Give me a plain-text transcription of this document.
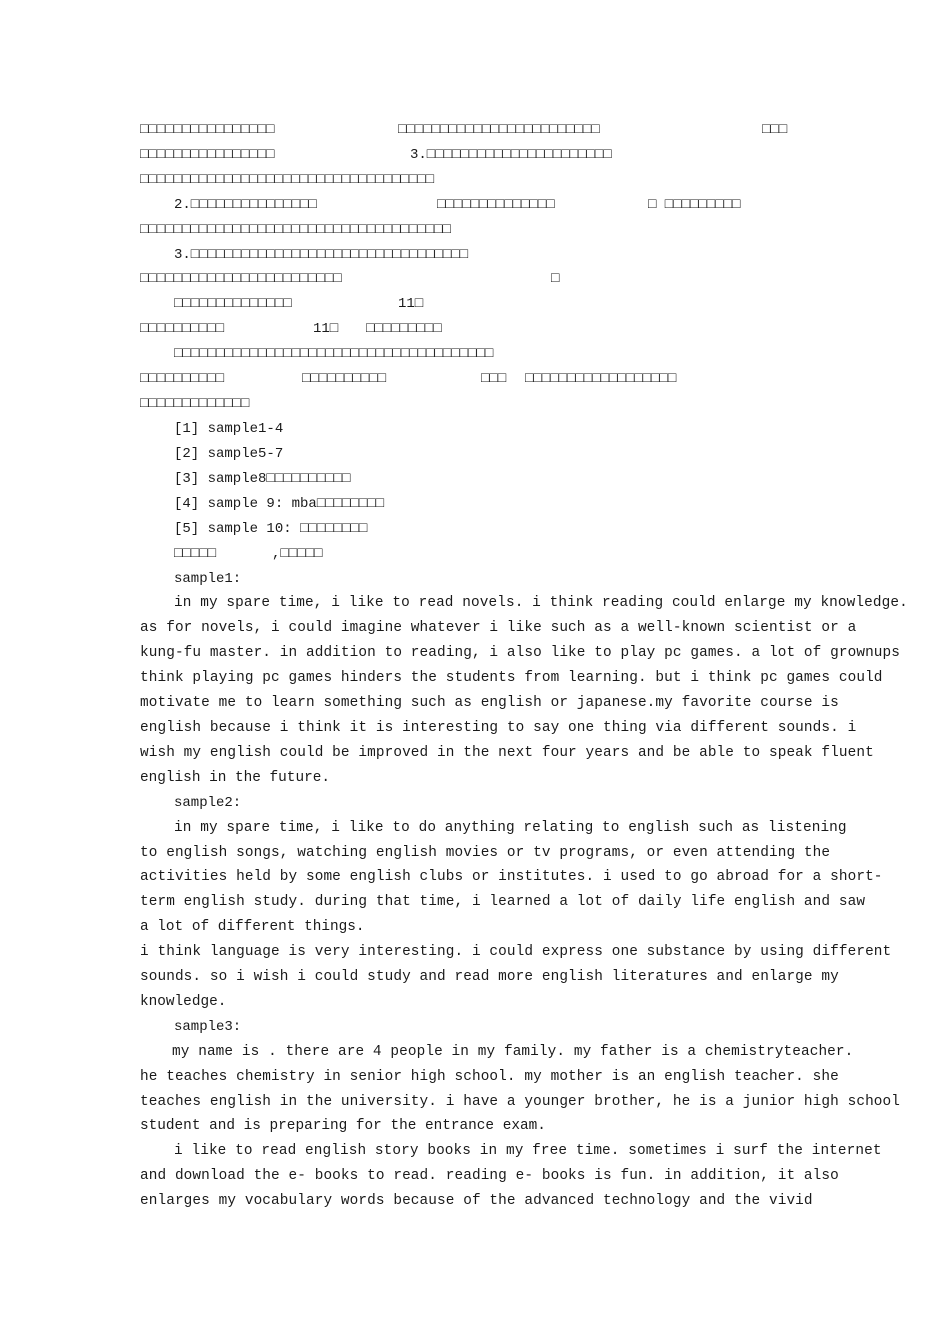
□□□□□□□□□□□□□□□□	□□□□□□□□□□□□□□□□□□□□□□□□	□□□
□□□□□□□□□□□□□□□□	3.□□□□□□□□□□□□□□□□□□□□□□
□□□□□□□□□□□□□□□□□□□□□□□□□□□□□□□□□□□
2.□□□□□□□□□□□□□□□	□□□□□□□□□□□□□□	□ □□□□□□□□□
□□□□□□□□□□□□□□□□□□□□□□□□□□□□□□□□□□□□□
3.□□□□□□□□□□□□□□□□□□□□□□□□□□□□□□□□□
□□□□□□□□□□□□□□□□□□□□□□□□	□
□□□□□□□□□□□□□□	11□
□□□□□□□□□□	11□ □□□□□□□□□
□□□□□□□□□□□□□□□□□□□□□□□□□□□□□□□□□□□□□□
□□□□□□□□□□	□□□□□□□□□□	□□□ □□□□□□□□□□□□□□□□□□
□□□□□□□□□□□□□
[1] sample1-4
[2] sample5-7
[3] sample8□□□□□□□□□□
[4] sample 9: mba□□□□□□□□
[5] sample 10: □□□□□□□□
□□□□□	,□□□□□
sample1:
in my spare time, i like to read novels. i think reading could enlarge my knowledge.
as for novels, i could imagine whatever i like such as a well-known scientist or a
kung-fu master. in addition to reading, i also like to play pc games. a lot of grownups
think playing pc games hinders the students from learning. but i think pc games could
motivate me to learn something such as english or japanese.my favorite course is
english because i think it is interesting to say one thing via different sounds. i
wish my english could be improved in the next four years and be able to speak fluent
english in the future.
sample2:
in my spare time, i like to do anything relating to english such as listening
to english songs, watching english movies or tv programs, or even attending the
activities held by some english clubs or institutes. i used to go abroad for a short-
term english study. during that time, i learned a lot of daily life english and saw
a lot of different things.
i think language is very interesting. i could express one substance by using different
sounds. so i wish i could study and read more english literatures and enlarge my
knowledge.
sample3:
my name is . there are 4 people in my family. my father is a chemistryteacher.
he teaches chemistry in senior high school. my mother is an english teacher. she
teaches english in the university. i have a younger brother, he is a junior high school
student and is preparing for the entrance exam.
i like to read english story books in my free time. sometimes i surf the internet
and download the e- books to read. reading e- books is fun. in addition, it also
enlarges my vocabulary words because of the advanced technology and the vivid
